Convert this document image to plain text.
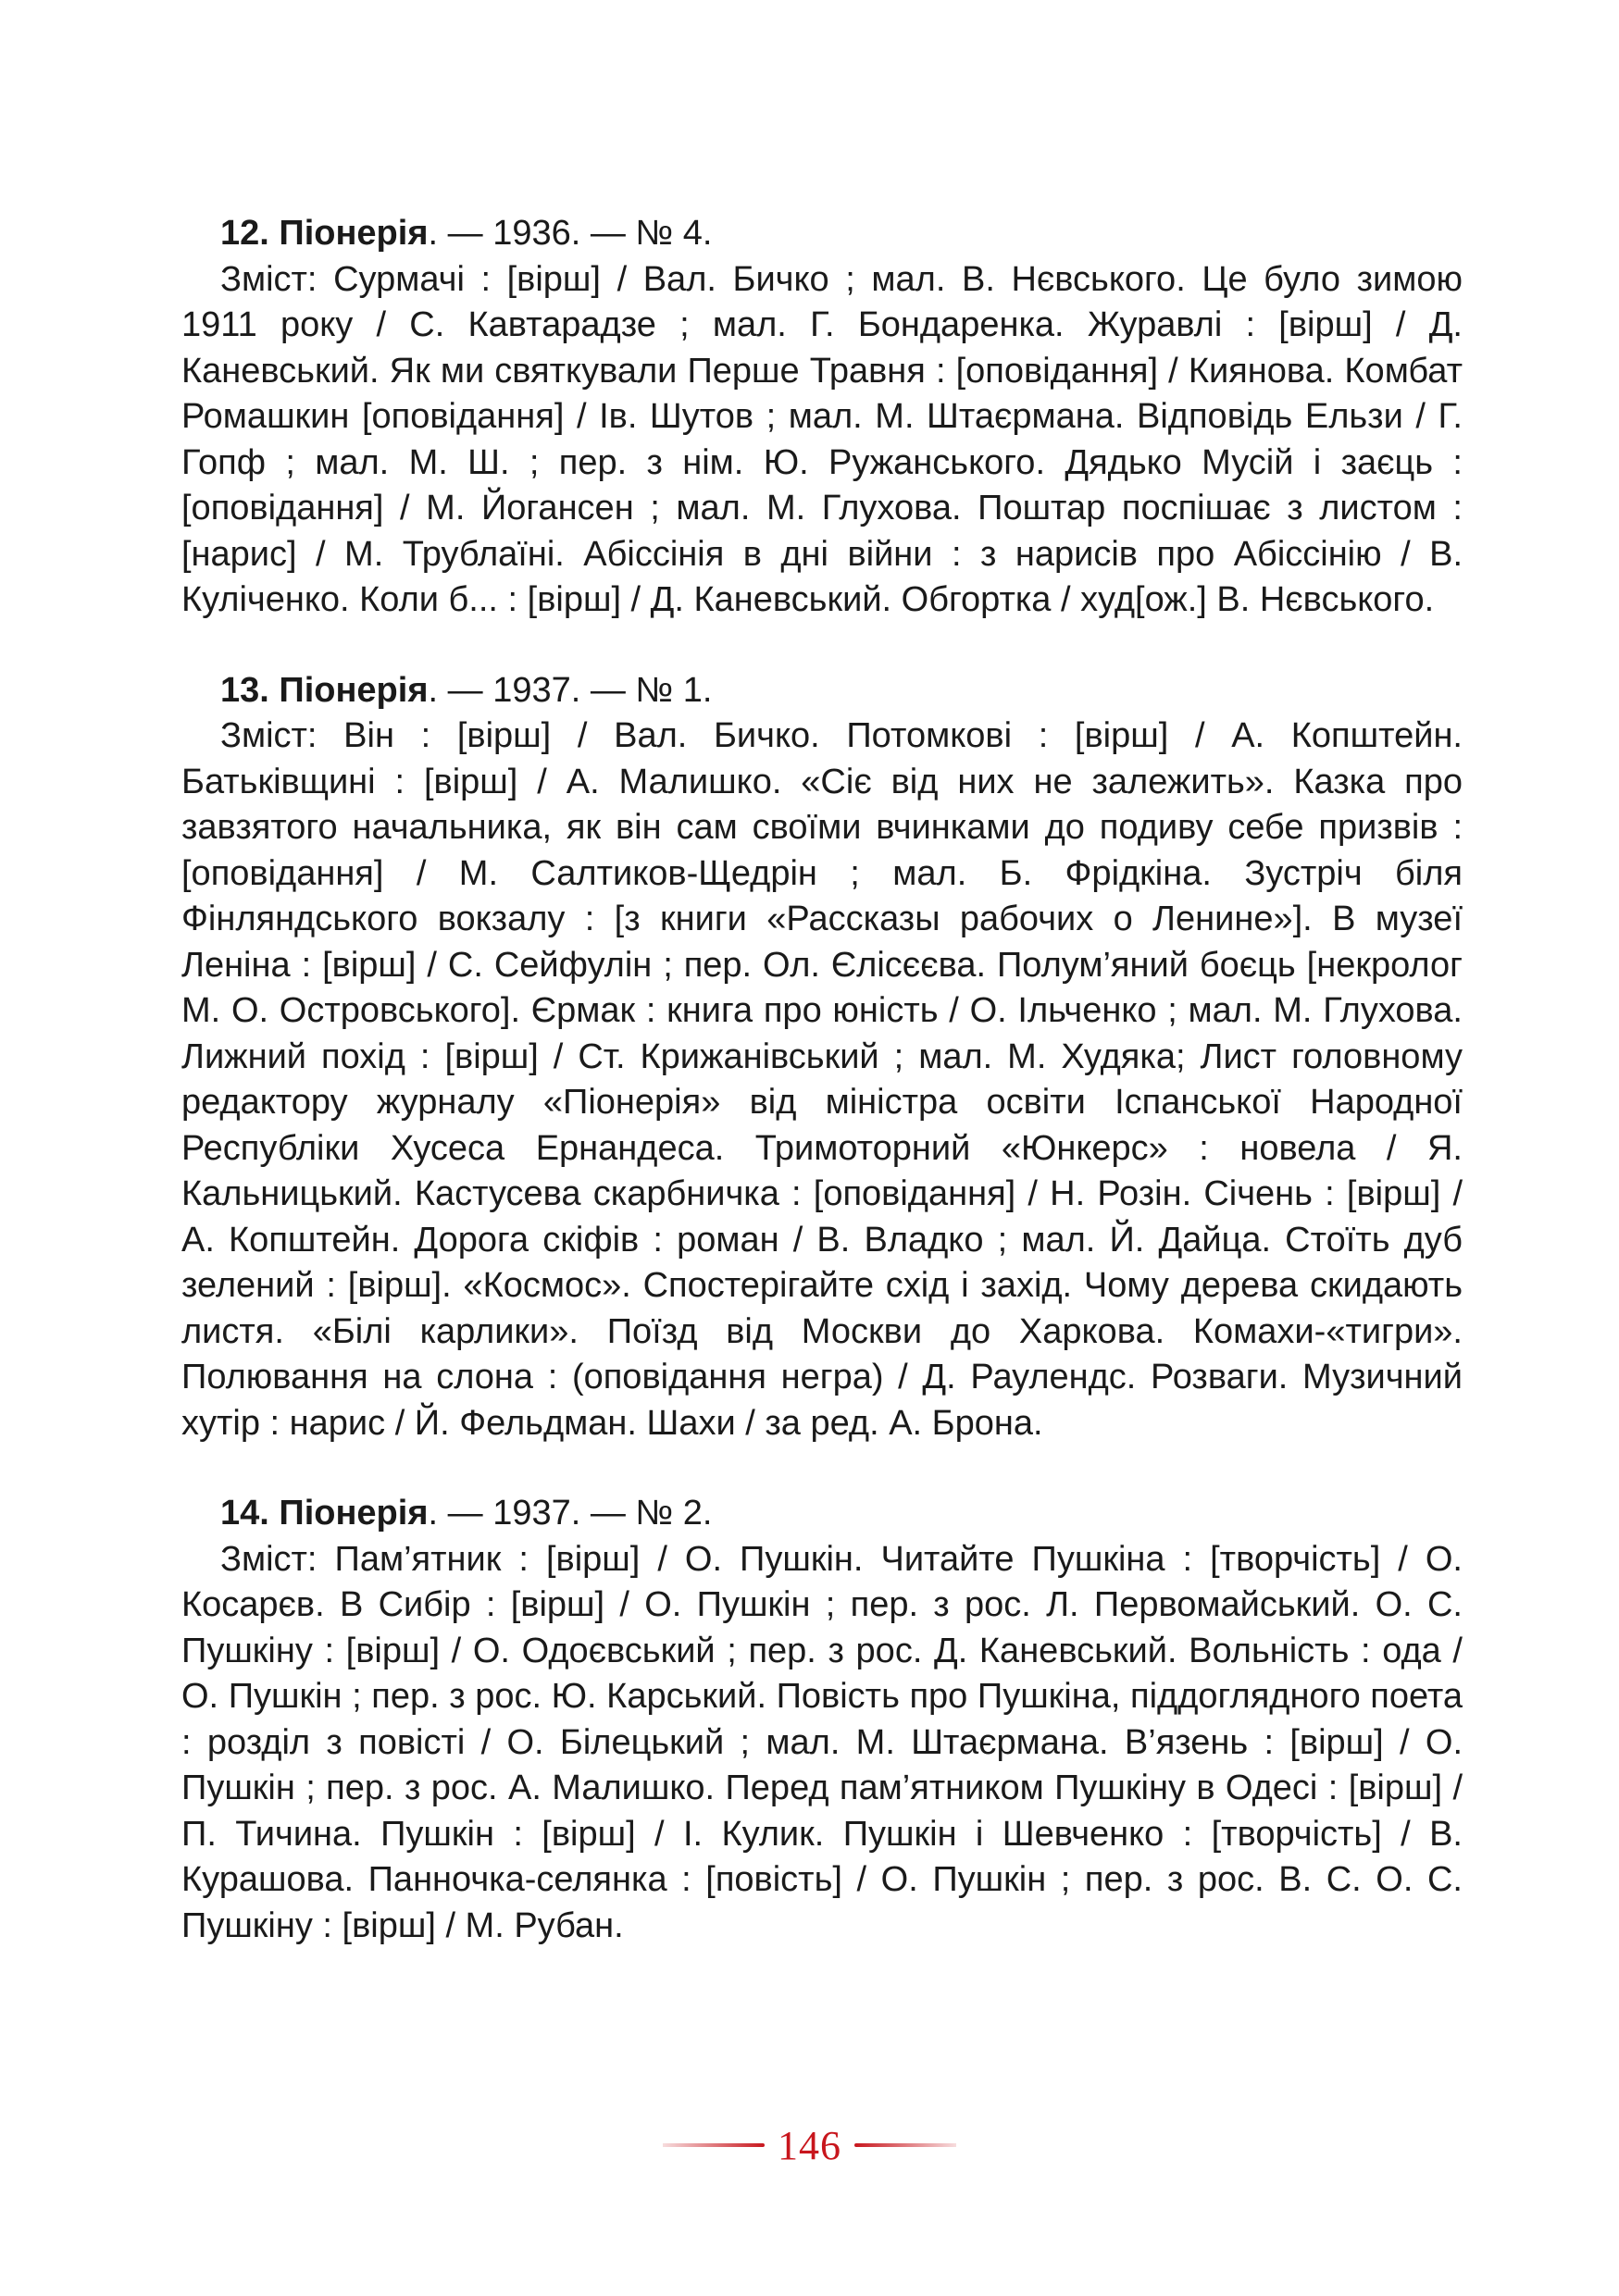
12. Піонерія. — 1936. — № 4.

Зміст: Сурмачі : [вірш] / Вал. Бичко ; мал. В. Нєвського. Це було зимою 1911 року / С. Кавтарадзе ; мал. Г. Бондаренка. Журавлі : [вірш] / Д. Каневський. Як ми святкували Перше Травня : [оповідання] / Киянова. Комбат Ромашкин [оповідання] / Ів. Шутов ; мал. М. Штаєрмана. Відповідь Ельзи / Г. Гопф ; мал. М. Ш. ; пер. з нім. Ю. Ружанського. Дядько Мусій і заєць : [оповідання] / М. Йогансен ; мал. М. Глухова. Поштар поспішає з листом : [нарис] / М. Трублаїні. Абіссінія в дні війни : з нарисів про Абіссінію / В. Куліченко. Коли б... : [вірш] / Д. Каневський. Обгортка / худ[ож.] В. Нєвського.

13. Піонерія. — 1937. — № 1.

Зміст: Він : [вірш] / Вал. Бичко. Потомкові : [вірш] / А. Копштейн. Батьківщині : [вірш] / А. Малишко. «Сіє від них не залежить». Казка про завзятого начальника, як він сам своїми вчинками до подиву себе призвів : [оповідання] / М. Салтиков-Щедрін ; мал. Б. Фрідкіна. Зустріч біля Фінляндського вокзалу : [з книги «Рассказы рабочих о Ленине»]. В музеї Леніна : [вірш] / С. Сейфулін ; пер. Ол. Єлісєєва. Полум’яний боєць [некролог М. О. Островського]. Єрмак : книга про юність / О. Ільченко ; мал. М. Глухова. Лижний похід : [вірш] / Ст. Крижанівський ; мал. М. Худяка; Лист головному редактору журналу «Піонерія» від міністра освіти Іспанської Народної Республіки Хусеса Ернандеса. Тримоторний «Юнкерс» : новела / Я. Кальницький. Кастусева скарбничка : [оповідання] / Н. Розін. Січень : [вірш] / А. Копштейн. Дорога скіфів : роман / В. Владко ; мал. Й. Дайца. Стоїть дуб зелений : [вірш]. «Космос». Спостерігайте схід і захід. Чому дерева скидають листя. «Білі карлики». Поїзд від Москви до Харкова. Комахи-«тигри». Полювання на слона : (оповідання негра) / Д. Раулендс. Розваги. Музичний хутір : нарис / Й. Фельдман. Шахи / за ред. А. Брона.

14. Піонерія. — 1937. — № 2.

Зміст: Пам’ятник : [вірш] / О. Пушкін. Читайте Пушкіна : [творчість] / О. Косарєв. В Сибір : [вірш] / О. Пушкін ; пер. з рос. Л. Первомайський. О. С. Пушкіну : [вірш] / О. Одоєвський ; пер. з рос. Д. Каневський. Вольність : ода / О. Пушкін ; пер. з рос. Ю. Карський. Повість про Пушкіна, піддоглядного поета : розділ з повісті / О. Білецький ; мал. М. Штаєрмана. В’язень : [вірш] / О. Пушкін ; пер. з рос. А. Малишко. Перед пам’ятником Пушкіну в Одесі : [вірш] / П. Тичина. Пушкін : [вірш] / І. Кулик. Пушкін і Шевченко : [творчість] / В. Курашова. Панночка-селянка : [повість] / О. Пушкін ; пер. з рос. В. С. О. С. Пушкіну : [вірш] / М. Рубан.

146
